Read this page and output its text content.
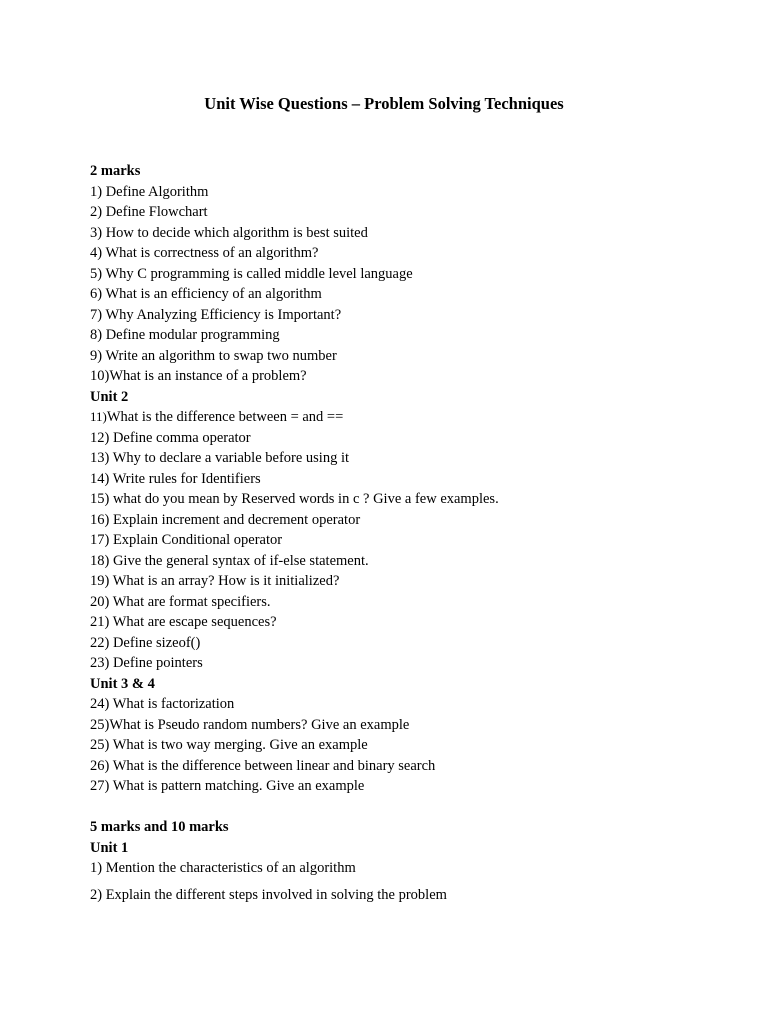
Unit Wise Questions – Problem Solving Techniques
2 marks
1) Define Algorithm
2) Define Flowchart
3) How to decide which algorithm is best suited
4) What is correctness of an algorithm?
5) Why C programming is called middle level language
6) What is an efficiency of an algorithm
7) Why Analyzing Efficiency is Important?
8) Define modular programming
9) Write an algorithm to swap two number
10)What is an instance of a problem?
Unit 2
11)What is the difference between = and ==
12) Define comma operator
13) Why to declare a variable before using it
14) Write rules for Identifiers
15) what do you mean by Reserved words in c ? Give a few examples.
16) Explain increment and decrement operator
17) Explain Conditional operator
18) Give the general syntax of if-else statement.
19) What is an array? How is it initialized?
20) What are format specifiers.
21) What are escape sequences?
22) Define sizeof()
23) Define pointers
Unit 3 & 4
24) What is factorization
25)What is Pseudo random numbers? Give an example
25) What is two way merging. Give an example
26) What is the difference between linear and binary search
27) What is pattern matching. Give an example
5 marks and 10 marks
Unit 1
1) Mention the characteristics of an algorithm
2) Explain the different steps involved in solving the problem
